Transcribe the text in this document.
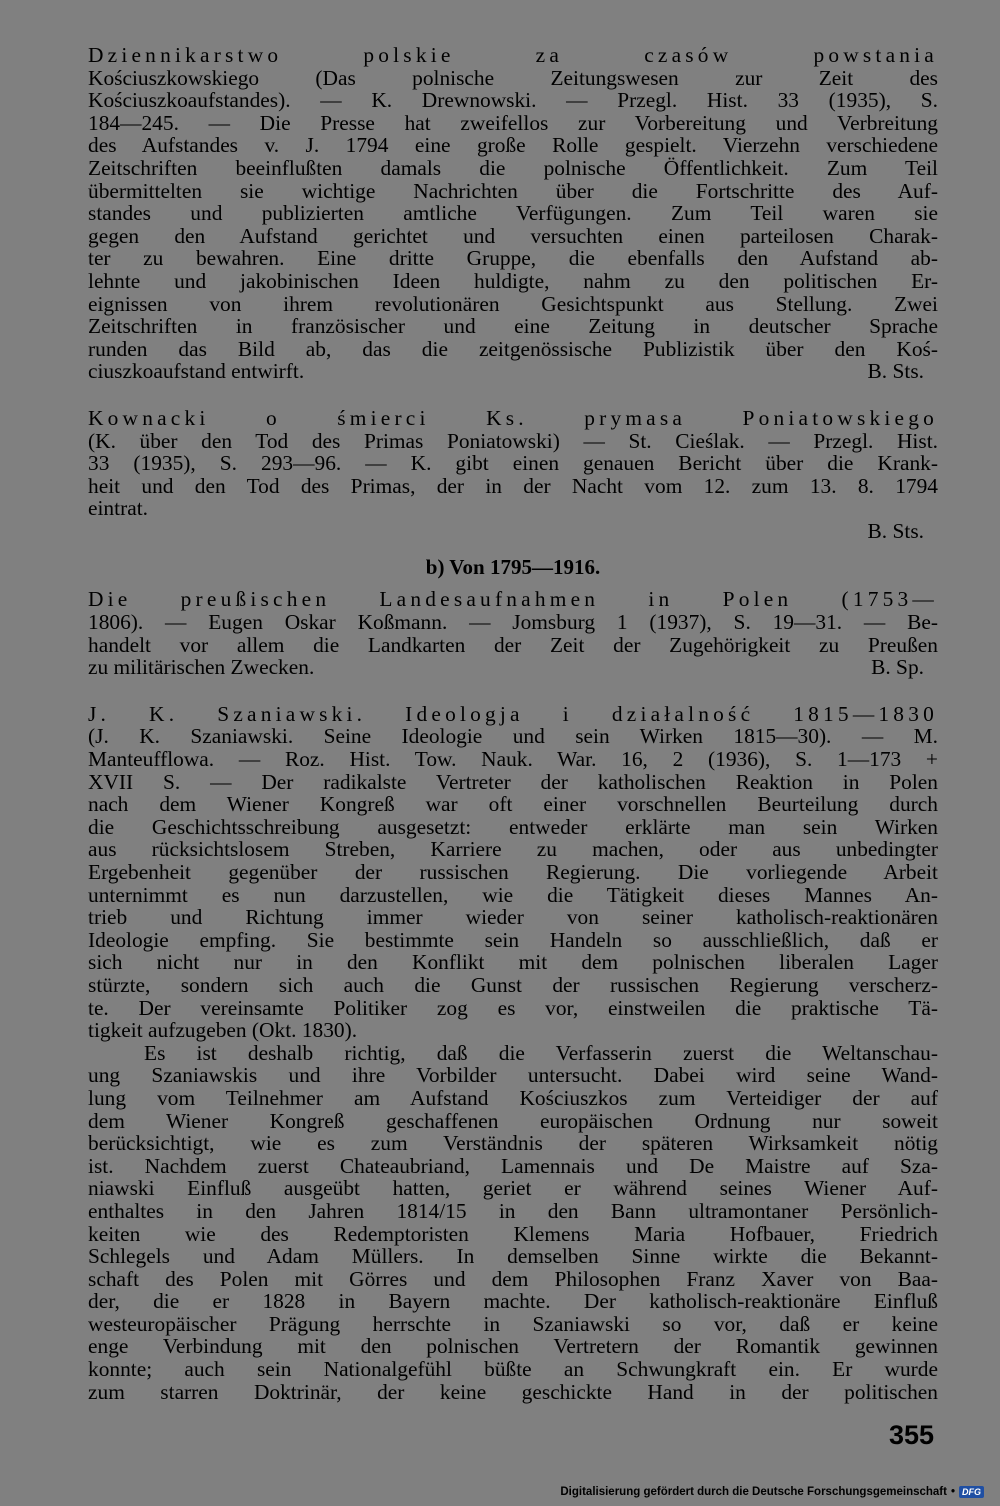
Dziennikarstwo polskie za czasów powstania

Kościuszkowskiego (Das polnische Zeitungswesen zur Zeit des

Kościuszkoaufstandes). — K. Drewnowski. — Przegl. Hist. 33 (1935), S.

184—245. — Die Presse hat zweifellos zur Vorbereitung und Verbreitung

des Aufstandes v. J. 1794 eine große Rolle gespielt. Vierzehn verschiedene

Zeitschriften beeinflußten damals die polnische Öffentlichkeit. Zum Teil

übermittelten sie wichtige Nachrichten über die Fortschritte des Auf-

standes und publizierten amtliche Verfügungen. Zum Teil waren sie

gegen den Aufstand gerichtet und versuchten einen parteilosen Charak-

ter zu bewahren. Eine dritte Gruppe, die ebenfalls den Aufstand ab-

lehnte und jakobinischen Ideen huldigte, nahm zu den politischen Er-

eignissen von ihrem revolutionären Gesichtspunkt aus Stellung. Zwei

Zeitschriften in französischer und eine Zeitung in deutscher Sprache

runden das Bild ab, das die zeitgenössische Publizistik über den Koś-

ciuszkoaufstand entwirft.	B. Sts.

Kownacki o śmierci Ks. prymasa Poniatowskiego

(K. über den Tod des Primas Poniatowski) — St. Cieślak. — Przegl. Hist.

33 (1935), S. 293—96. — K. gibt einen genauen Bericht über die Krank-

heit und den Tod des Primas, der in der Nacht vom 12. zum 13. 8. 1794

eintrat.

B. Sts.

b) Von 1795—1916.

Die preußischen Landesaufnahmen in Polen (1753—

1806). — Eugen Oskar Koßmann. — Jomsburg 1 (1937), S. 19—31. — Be-

handelt vor allem die Landkarten der Zeit der Zugehörigkeit zu Preußen

zu militärischen Zwecken.	B. Sp.

J. K. Szaniawski. Ideologja i działalność 1815—1830

(J. K. Szaniawski. Seine Ideologie und sein Wirken 1815—30). — M.

Manteufflowa. — Roz. Hist. Tow. Nauk. War. 16, 2 (1936), S. 1—173 +

XVII S. — Der radikalste Vertreter der katholischen Reaktion in Polen

nach dem Wiener Kongreß war oft einer vorschnellen Beurteilung durch

die Geschichtsschreibung ausgesetzt: entweder erklärte man sein Wirken

aus rücksichtslosem Streben, Karriere zu machen, oder aus unbedingter

Ergebenheit gegenüber der russischen Regierung. Die vorliegende Arbeit

unternimmt es nun darzustellen, wie die Tätigkeit dieses Mannes An-

trieb und Richtung immer wieder von seiner katholisch-reaktionären

Ideologie empfing. Sie bestimmte sein Handeln so ausschließlich, daß er

sich nicht nur in den Konflikt mit dem polnischen liberalen Lager

stürzte, sondern sich auch die Gunst der russischen Regierung verscherz-

te. Der vereinsamte Politiker zog es vor, einstweilen die praktische Tä-

tigkeit aufzugeben (Okt. 1830).

Es ist deshalb richtig, daß die Verfasserin zuerst die Weltanschau-

ung Szaniawskis und ihre Vorbilder untersucht. Dabei wird seine Wand-

lung vom Teilnehmer am Aufstand Kościuszkos zum Verteidiger der auf

dem Wiener Kongreß geschaffenen europäischen Ordnung nur soweit

berücksichtigt, wie es zum Verständnis der späteren Wirksamkeit nötig

ist. Nachdem zuerst Chateaubriand, Lamennais und De Maistre auf Sza-

niawski Einfluß ausgeübt hatten, geriet er während seines Wiener Auf-

enthaltes in den Jahren 1814/15 in den Bann ultramontaner Persönlich-

keiten wie des Redemptoristen Klemens Maria Hofbauer, Friedrich

Schlegels und Adam Müllers. In demselben Sinne wirkte die Bekannt-

schaft des Polen mit Görres und dem Philosophen Franz Xaver von Baa-

der, die er 1828 in Bayern machte. Der katholisch-reaktionäre Einfluß

westeuropäischer Prägung herrschte in Szaniawski so vor, daß er keine

enge Verbindung mit den polnischen Vertretern der Romantik gewinnen

konnte; auch sein Nationalgefühl büßte an Schwungkraft ein. Er wurde

zum starren Doktrinär, der keine geschickte Hand in der politischen

355
Digitalisierung gefördert durch die Deutsche Forschungsgemeinschaft • DFG
